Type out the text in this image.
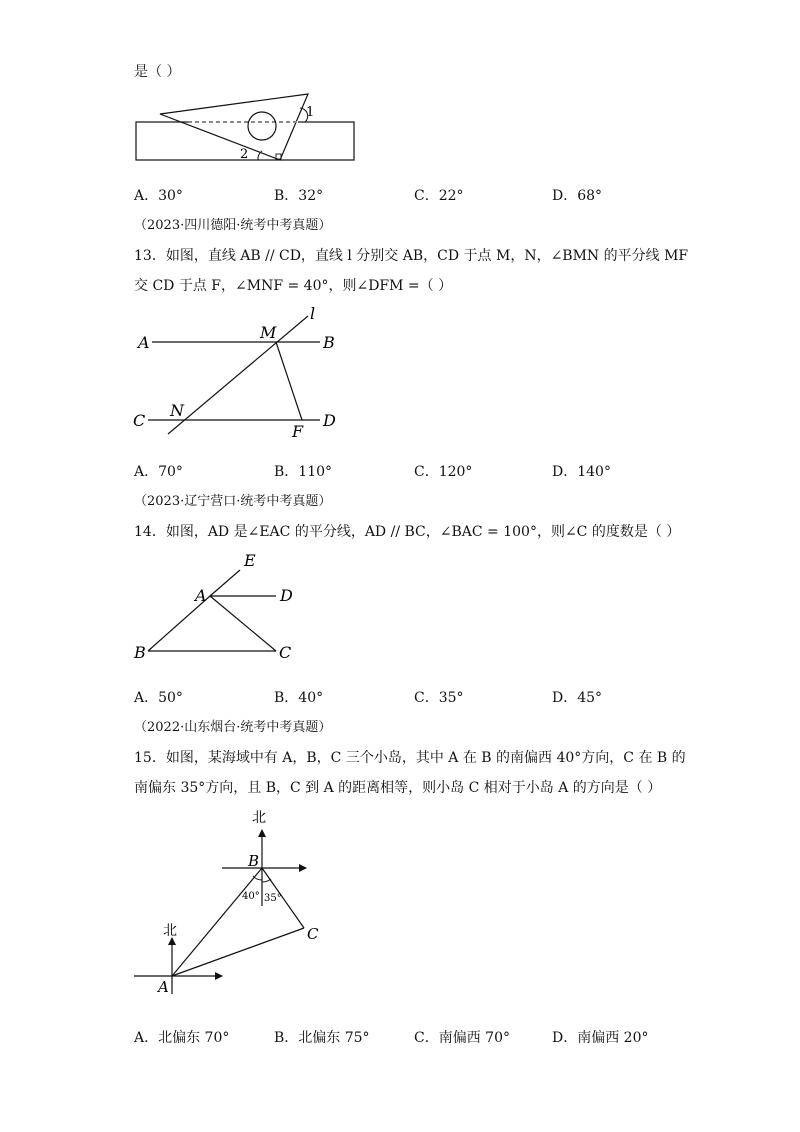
是（ ）
1
2
A．30°	B．32°	C．22°	D．68°
（2023·四川德阳·统考中考真题）
13．如图，直线 AB // CD，直线 l 分别交 AB，CD 于点 M，N，∠BMN 的平分线 MF
交 CD 于点 F，∠MNF = 40°，则∠DFM =（ ）
A	B
C	D
M
N
F
l
A．70°	B．110°	C．120°	D．140°
（2023·辽宁营口·统考中考真题）
14．如图，AD 是∠EAC 的平分线，AD // BC，∠BAC = 100°，则∠C 的度数是（ ）
E
A	D
B	C
A．50°	B．40°	C．35°	D．45°
（2022·山东烟台·统考中考真题）
15．如图，某海域中有 A，B，C 三个小岛，其中 A 在 B 的南偏西 40°方向，C 在 B 的
南偏东 35°方向，且 B，C 到 A 的距离相等，则小岛 C 相对于小岛 A 的方向是（ ）
北
北
B
A
C
40° 35°
A．北偏东 70°	B．北偏东 75°	C．南偏西 70°	D．南偏西 20°
